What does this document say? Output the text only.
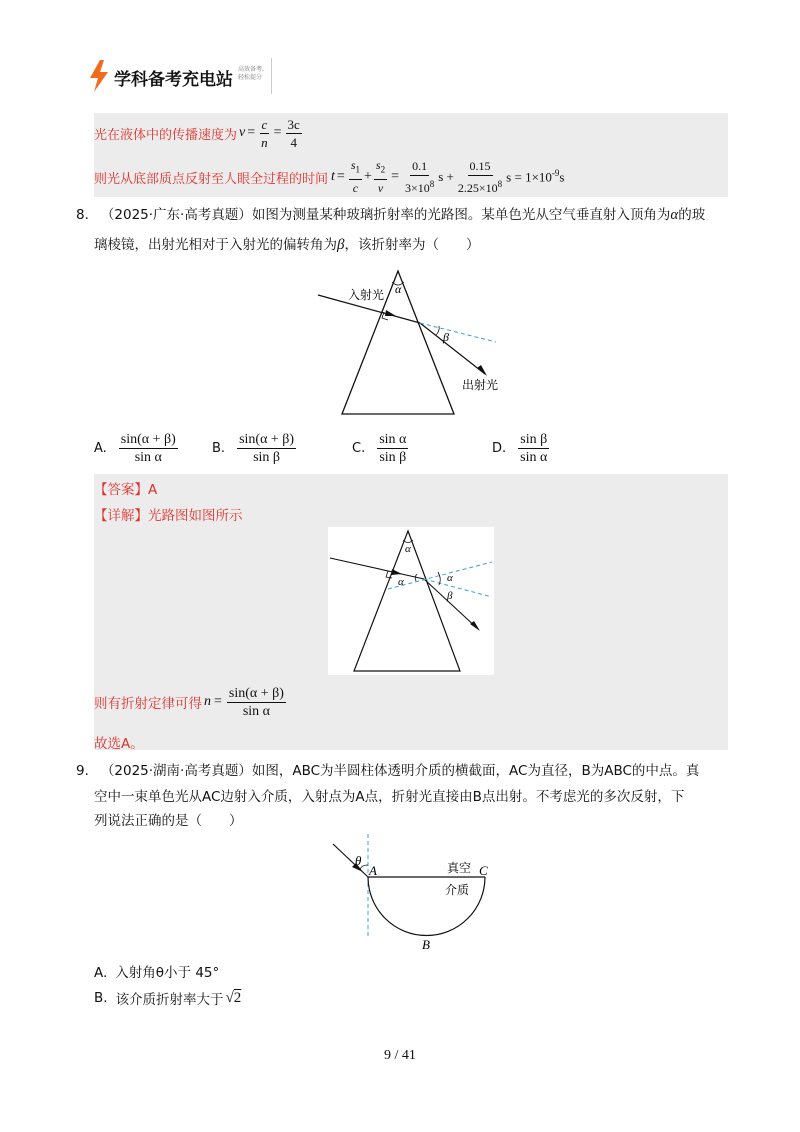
学科备考充电站
高效备考,
轻松提分
光在液体中的传播速度为 $v = \frac{c}{n} = \frac{3c}{4}$
则光从底部质点反射至人眼全过程的时间 $t = \frac{s_1}{c} + \frac{s_2}{v} = \frac{0.1}{3\times 10^8}$ $s + \frac{0.15}{2.25\times 10^8}$ $s = 1\times 10^{-9}s$
8. （2025·广东·高考真题）如图为测量某种玻璃折射率的光路图。某单色光从空气垂直射入顶角为α的玻
璃棱镜，出射光相对于入射光的偏转角为β，该折射率为（　　）
α
β
入射光
出射光
A. $\frac{\sin(\alpha + \beta)}{\text{sin α}}$	B. $\frac{\sin(\alpha + \beta)}{\text{sin β}}$	C. $\frac{\text{sin α}}{\text{sin β}}$	D. $\frac{\text{sin β}}{\text{sin α}}$
【答案】A
【详解】光路图如图所示
α
α	α
β
则有折射定律可得 $n = \frac{\sin(\alpha + \beta)}{\text{sin α}}$
故选A。
9. （2025·湖南·高考真题）如图，ABC为半圆柱体透明介质的横截面，AC为直径，B为ABC的中点。真
空中一束单色光从AC边射入介质，入射点为A点，折射光直接由B点出射。不考虑光的多次反射，下
列说法正确的是（　　）
θ
A	C
B
真空
介质
A. 入射角θ小于 45°
B. 该介质折射率大于 √2
9 / 41
